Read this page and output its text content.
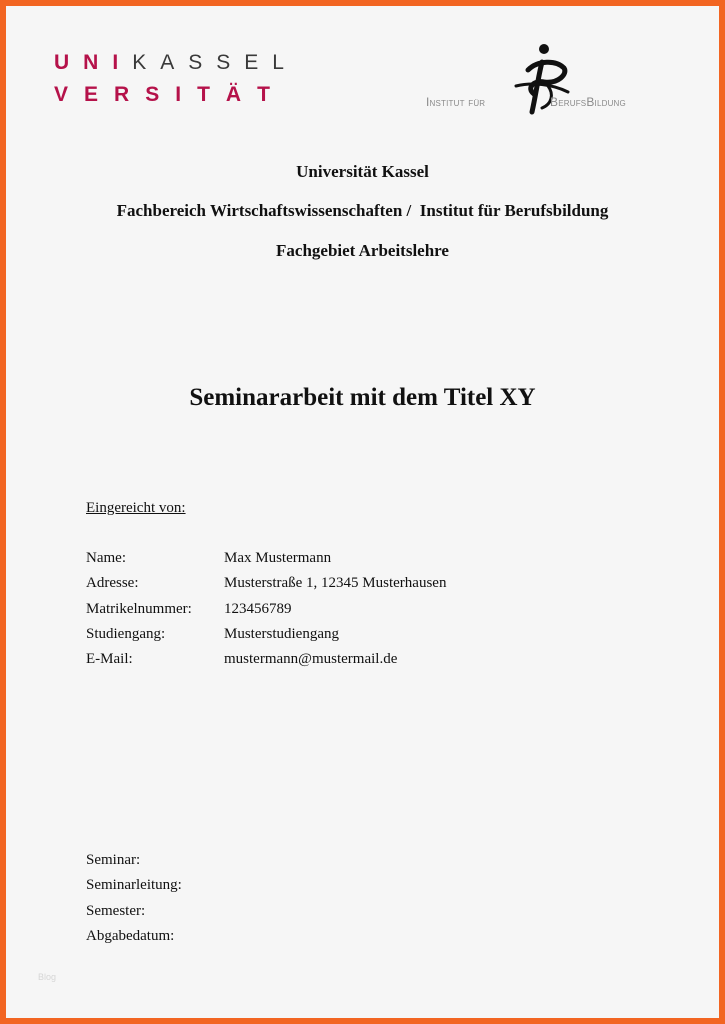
U N I K A S S E L
V E R S I T Ä T	Institut für	BerufsBildung
Universität Kassel
Fachbereich Wirtschaftswissenschaften /  Institut für Berufsbildung
Fachgebiet Arbeitslehre
Seminararbeit mit dem Titel XY
Eingereicht von:
Name:	Max Mustermann
Adresse:	Musterstraße 1, 12345 Musterhausen
Matrikelnummer: 123456789
Studiengang:	Musterstudiengang
E-Mail:	mustermann@mustermail.de
Seminar:
Seminarleitung:
Semester:
Abgabedatum:
Blog
